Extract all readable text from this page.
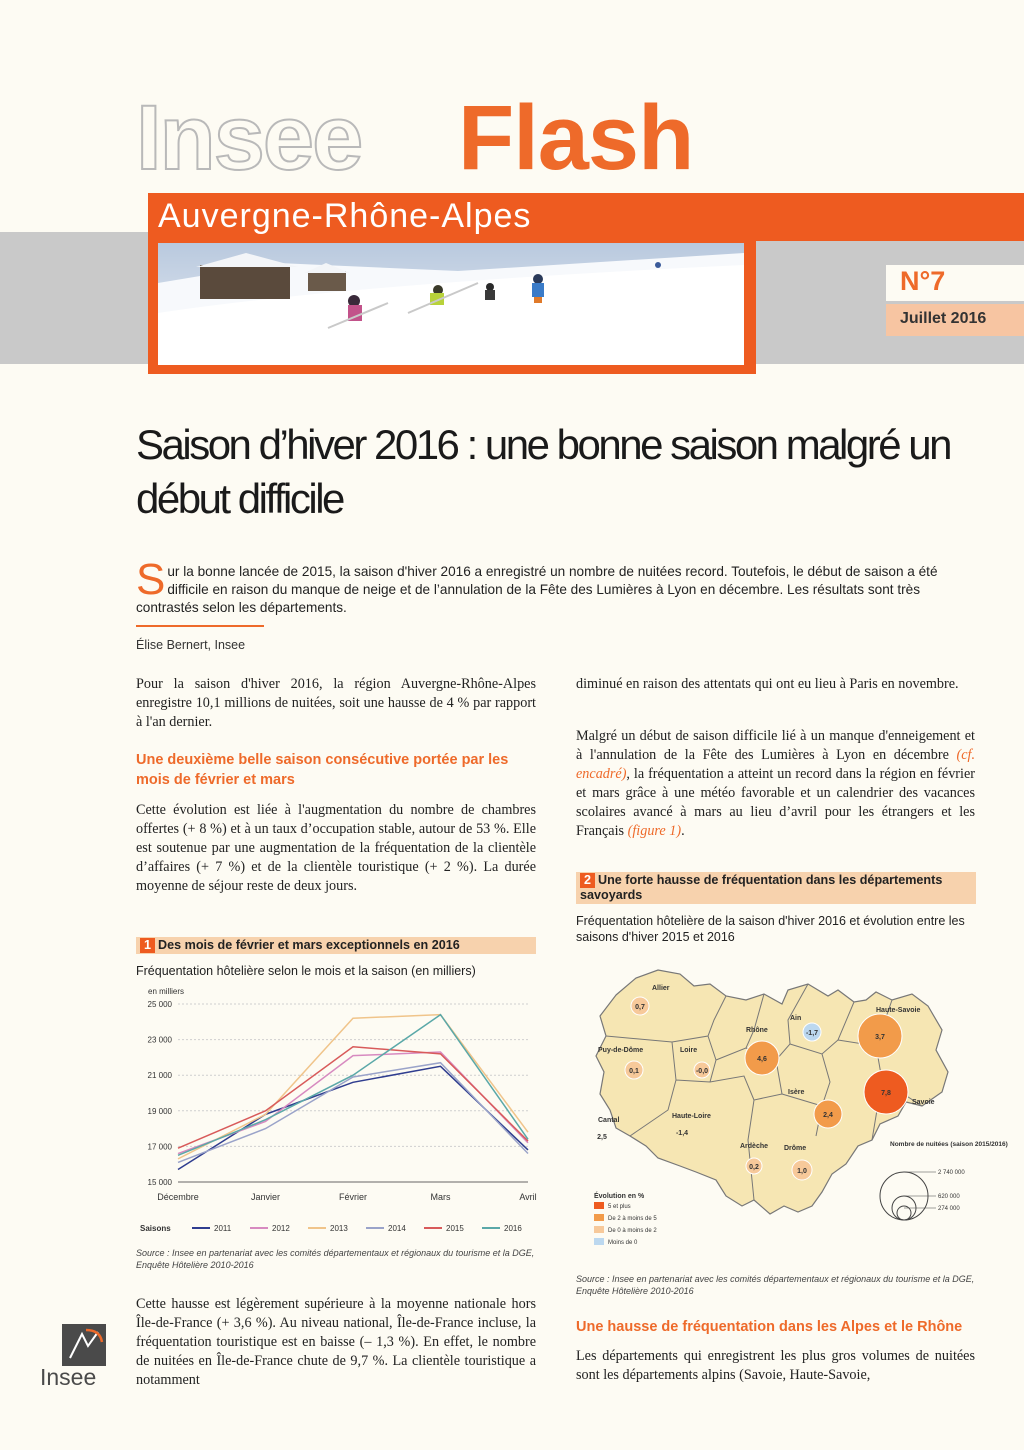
Insee Flash
Auvergne-Rhône-Alpes
N°7
Juillet 2016
Saison d’hiver 2016 : une bonne saison malgré un début difficile
Sur la bonne lancée de 2015, la saison d'hiver 2016 a enregistré un nombre de nuitées record. Toutefois, le début de saison a été difficile en raison du manque de neige et de l’annulation de la Fête des Lumières à Lyon en décembre. Les résultats sont très contrastés selon les départements.
Élise Bernert, Insee
Pour la saison d'hiver 2016, la région Auvergne-Rhône-Alpes enregistre 10,1 millions de nuitées, soit une hausse de 4 % par rapport à l'an dernier.
Une deuxième belle saison consécutive portée par les mois de février et mars
Cette évolution est liée à l'augmentation du nombre de chambres offertes (+ 8 %) et à un taux d’occupation stable, autour de 53 %. Elle est soutenue par une augmentation de la fréquentation de la clientèle d’affaires (+ 7 %) et de la clientèle touristique (+ 2 %). La durée moyenne de séjour reste de deux jours.
1 Des mois de février et mars exceptionnels en 2016
Fréquentation hôtelière selon le mois et la saison (en milliers)
en milliers
15 000
17 000
19 000
21 000
23 000
25 000
Décembre	Janvier	Février	Mars	Avril
Saisons	2011	2012	2013	2014	2015	2016
Source : Insee en partenariat avec les comités départementaux et régionaux du tourisme et la DGE, Enquête Hôtelière 2010-2016
Cette hausse est légèrement supérieure à la moyenne nationale hors Île-de-France (+ 3,6 %). Au niveau national, Île-de-France incluse, la fréquentation touristique est en baisse (– 1,3 %). En effet, le nombre de nuitées en Île-de-France chute de 9,7 %. La clientèle touristique a notamment
diminué en raison des attentats qui ont eu lieu à Paris en novembre.
Malgré un début de saison difficile lié à un manque d'enneigement et à l'annulation de la Fête des Lumières à Lyon en décembre (cf. encadré), la fréquentation a atteint un record dans la région en février et mars grâce à une météo favorable et un calendrier des vacances scolaires avancé à mars au lieu d’avril pour les étrangers et les Français (figure 1).
2 Une forte hausse de fréquentation dans les départements savoyards
Fréquentation hôtelière de la saison d'hiver 2016 et évolution entre les saisons d'hiver 2015 et 2016
Allier
0,7
Puy-de-Dôme
0,1
Loire
-0,0
Rhône
4,6
Ain
-1,7
Haute-Savoie
3,7
Savoie
7,8
Isère
2,4
Cantal
2,5
Haute-Loire
-1,4
Ardèche
0,2
Drôme
1,0
Évolution en %
5 et plus
De 2 à moins de 5
De 0 à moins de 2
Moins de 0
Nombre de nuitées (saison 2015/2016)
2 740 000
620 000
274 000
Source : Insee en partenariat avec les comités départementaux et régionaux du tourisme et la DGE, Enquête Hôtelière 2010-2016
Une hausse de fréquentation dans les Alpes et le Rhône
Les départements qui enregistrent les plus gros volumes de nuitées sont les départements alpins (Savoie, Haute-Savoie,
Insee
